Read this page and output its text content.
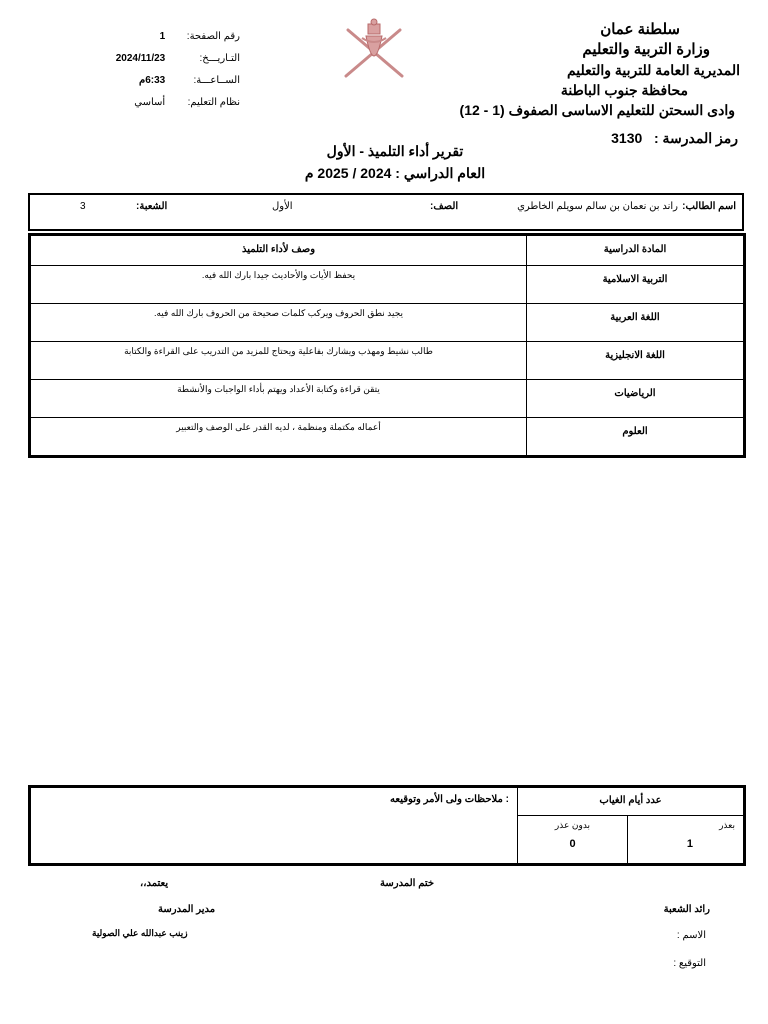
سلطنة عمان
وزارة التربية والتعليم
المديرية العامة للتربية والتعليم
محافظة جنوب الباطنة
وادى السحتن للتعليم الاساسى الصفوف (1 - 12)
رمز المدرسة :   3130
رقم الصفحة: 1
التـاريـــخ: 2024/11/23
الســاعـــة: 6:33م
نظام التعليم: أساسي
تقرير أداء التلميذ - الأول
العام الدراسي : 2024 / 2025 م
اسم الطالب:
راند بن نعمان بن سالم سويلم الخاطري
الصف:
الأول
الشعبة:
3
المادة الدراسية	وصف لأداء التلميذ
التربية الاسلامية	يحفظ الأيات والأحاديث جيدا بارك الله فيه.
اللغة العربية	يجيد نطق الحروف ويركب كلمات صحيحة من الحروف بارك الله فيه.
اللغة الانجليزية	طالب نشيط ومهذب ويشارك بفاعلية ويحتاج للمزيد من التدريب على القراءة والكتابة
الرياضيات	يتقن قراءة وكتابة الأعداد ويهتم بأداء الواجبات والأنشطة
العلوم	أعماله مكتملة ومنظمة ، لديه القدر على الوصف والتعبير
عدد أيام الغياب		: ملاحظات ولى الأمر وتوقيعه
بعذر	بدون عذر	
1	0	
يعتمد،،	ختم المدرسة
مدير المدرسة
زينب عبدالله علي الصولية
رائد الشعبة
الاسم :
التوقيع :
